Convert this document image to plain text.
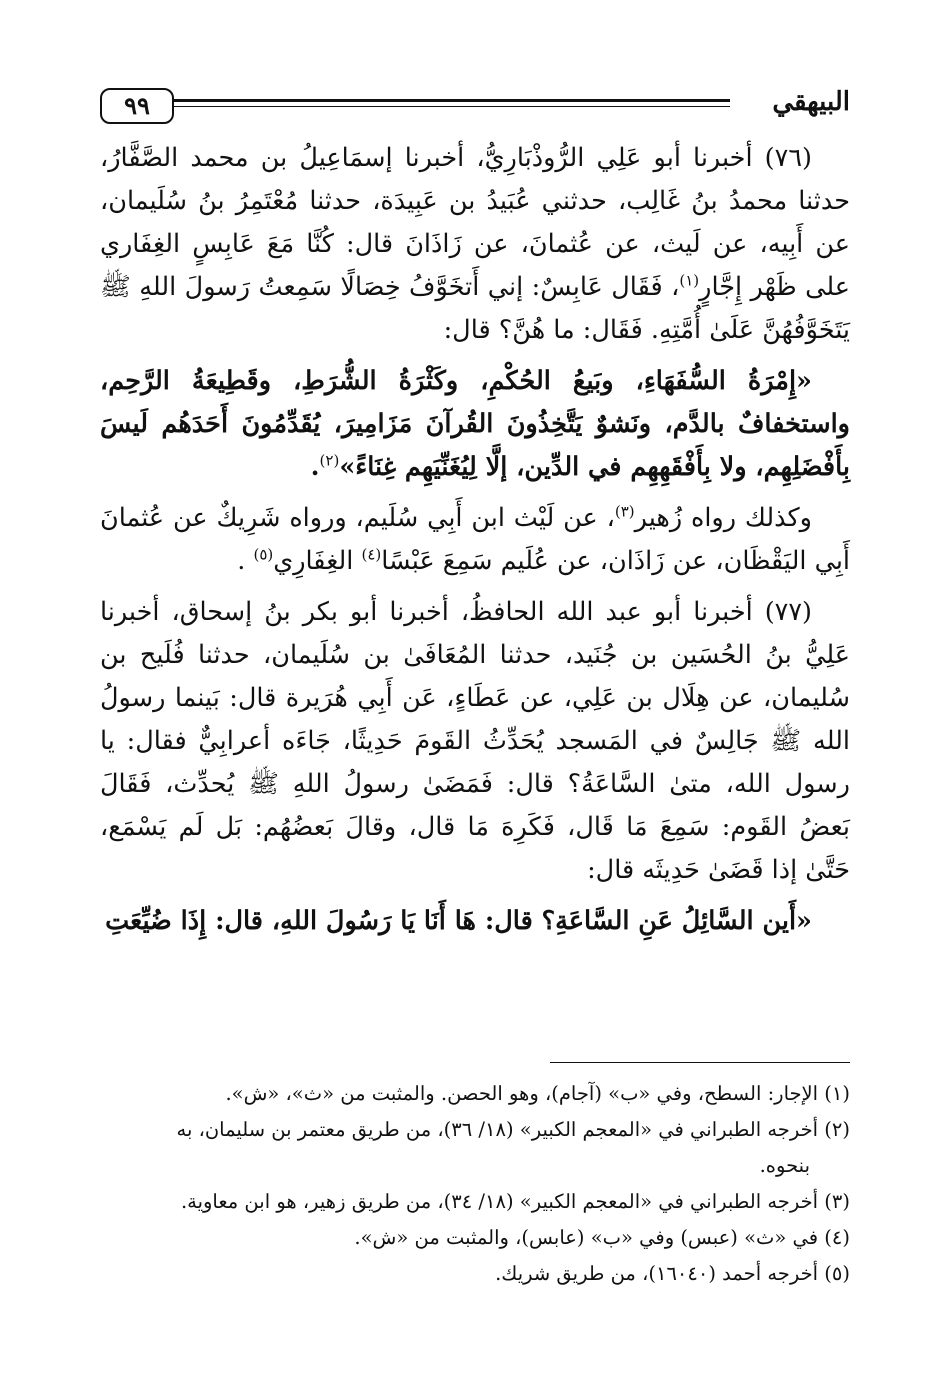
٩٩	البيهقي

(٧٦) أخبرنا أبو عَلِي الرُّوذْبَارِيُّ، أخبرنا إسمَاعِيلُ بن محمد الصَّفَّارُ، حدثنا محمدُ بنُ غَالِب، حدثني عُبَيدُ بن عَبِيدَة، حدثنا مُعْتَمِرُ بنُ سُلَيمان، عن أَبِيه، عن لَيث، عن عُثمانَ، عن زَاذَانَ قال: كُنَّا مَعَ عَابِسٍ الغِفَاري على ظَهْر إِجَّارٍ$^{(١)}$، فَقَال عَابِسٌ: إني أَتخَوَّفُ خِصَالًا سَمِعتُ رَسولَ اللهِ ﷺ يَتَخَوَّفُهُنَّ عَلَىٰ أُمَّتِهِ. فَقَال: ما هُنَّ؟ قال:

«إِمْرَةُ السُّفَهَاءِ، وبَيعُ الحُكْمِ، وكَثْرَةُ الشُّرَطِ، وقَطِيعَةُ الرَّحِم، واستخفافٌ بالدَّم، ونَشوٌ يَتَّخِذُونَ القُرآنَ مَزَامِيرَ، يُقَدِّمُونَ أَحَدَهُم لَيسَ بِأَفْضَلِهِم، ولا بِأَفْقَهِهِم في الدِّين، إلَّا لِيُغَنِّيَهِم غِنَاءً»$^{(٢)}$.

وكذلك رواه زُهير$^{(٣)}$، عن لَيْث ابن أَبِي سُلَيم، ورواه شَرِيكٌ عن عُثمانَ أَبِي اليَقْظَان، عن زَاذَان، عن عُلَيم سَمِعَ عَبْسًا$^{(٤)}$ الغِفَارِي$^{(٥)}$ .

(٧٧) أخبرنا أبو عبد الله الحافظُ، أخبرنا أبو بكر بنُ إسحاق، أخبرنا عَلِيُّ بنُ الحُسَين بن جُنَيد، حدثنا المُعَافَىٰ بن سُلَيمان، حدثنا فُلَيح بن سُليمان، عن هِلَال بن عَلِي، عن عَطَاءٍ، عَن أَبِي هُرَيرة قال: بَينما رسولُ الله ﷺ جَالِسٌ في المَسجد يُحَدِّثُ القَومَ حَدِيثًا، جَاءَه أعرابِيٌّ فقال: يا رسول الله، متىٰ السَّاعَةُ؟ قال: فَمَضَىٰ رسولُ اللهِ ﷺ يُحدِّث، فَقَالَ بَعضُ القَوم: سَمِعَ مَا قَال، فَكَرِهَ مَا قال، وقالَ بَعضُهُم: بَل لَم يَسْمَع، حَتَّىٰ إذا قَضَىٰ حَدِيثَه قال:

«أَين السَّائِلُ عَنِ السَّاعَةِ؟ قال: هَا أَنَا يَا رَسُولَ اللهِ، قال: إِذَا ضُيِّعَتِ

(١) الإجار: السطح، وفي «ب» (آجام)، وهو الحصن. والمثبت من «ث»، «ش».

(٢) أخرجه الطبراني في «المعجم الكبير» (١٨/ ٣٦)، من طريق معتمر بن سليمان، به

بنحوه.

(٣) أخرجه الطبراني في «المعجم الكبير» (١٨/ ٣٤)، من طريق زهير، هو ابن معاوية.

(٤) في «ث» (عبس) وفي «ب» (عابس)، والمثبت من «ش».

(٥) أخرجه أحمد (١٦٠٤٠)، من طريق شريك.
